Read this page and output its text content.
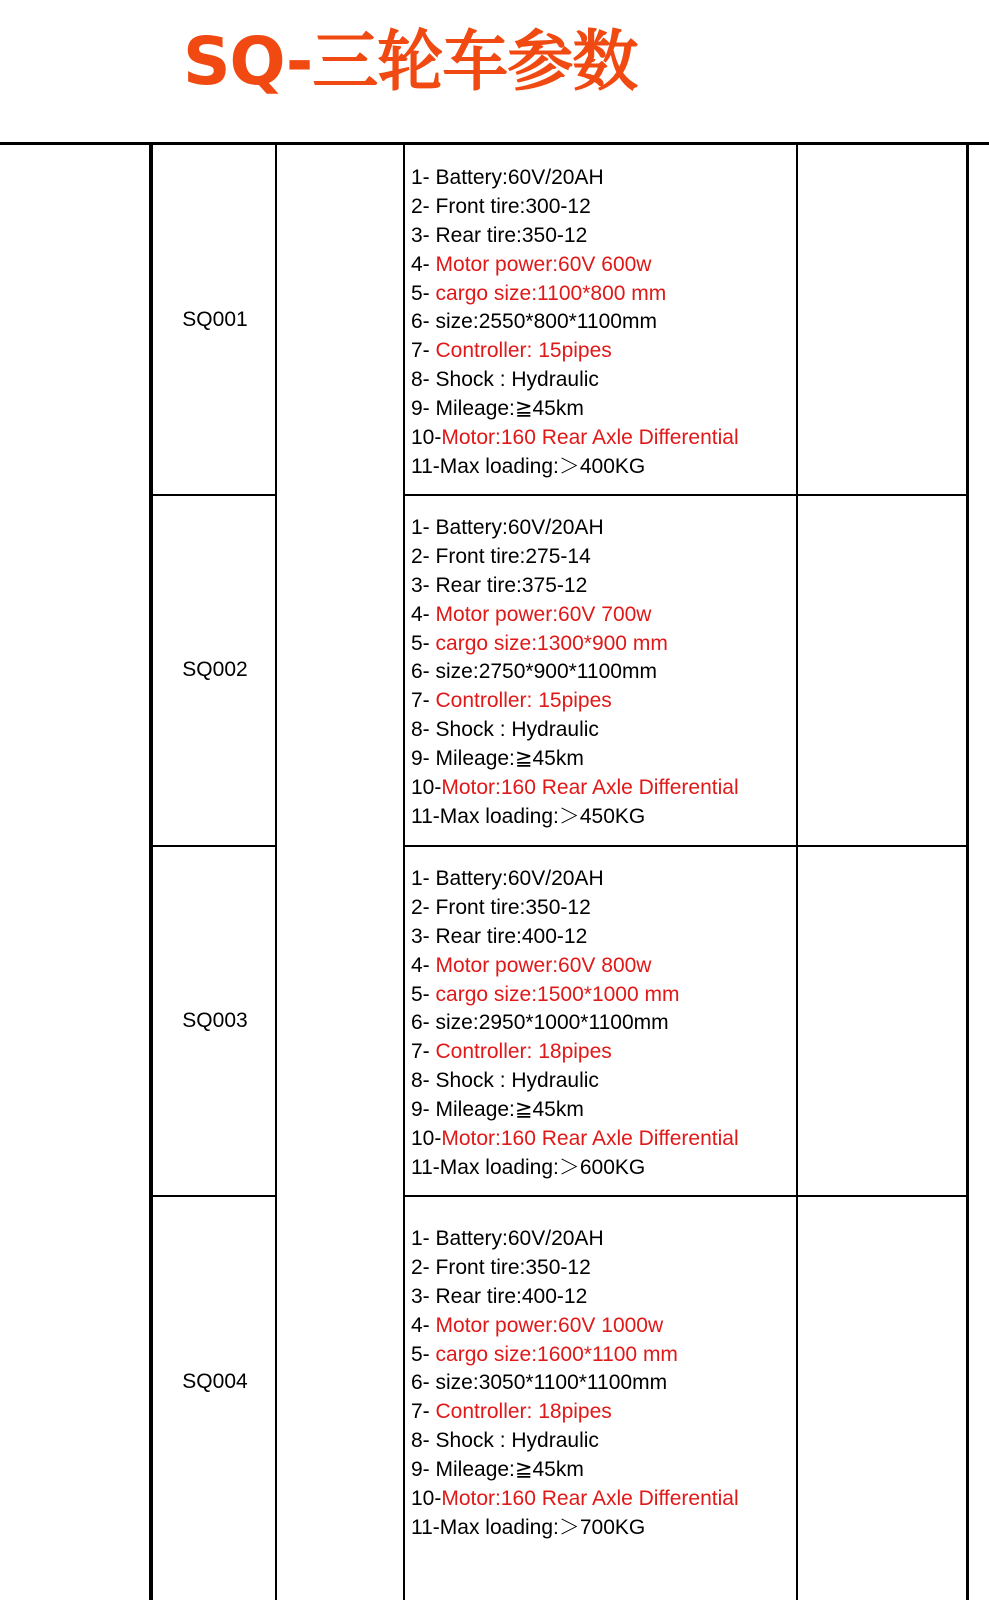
SQ-三轮车参数
SQ001
1- Battery:60V/20AH
2- Front tire:300-12
3- Rear tire:350-12
4- Motor power:60V 600w
5- cargo size:1100*800 mm
6- size:2550*800*1100mm
7- Controller: 15pipes
8- Shock : Hydraulic
9- Mileage:≧45km
10-Motor:160 Rear Axle Differential
11-Max loading:＞400KG
SQ002
1- Battery:60V/20AH
2- Front tire:275-14
3- Rear tire:375-12
4- Motor power:60V 700w
5- cargo size:1300*900 mm
6- size:2750*900*1100mm
7- Controller: 15pipes
8- Shock : Hydraulic
9- Mileage:≧45km
10-Motor:160 Rear Axle Differential
11-Max loading:＞450KG
SQ003
1- Battery:60V/20AH
2- Front tire:350-12
3- Rear tire:400-12
4- Motor power:60V 800w
5- cargo size:1500*1000 mm
6- size:2950*1000*1100mm
7- Controller: 18pipes
8- Shock : Hydraulic
9- Mileage:≧45km
10-Motor:160 Rear Axle Differential
11-Max loading:＞600KG
SQ004
1- Battery:60V/20AH
2- Front tire:350-12
3- Rear tire:400-12
4- Motor power:60V 1000w
5- cargo size:1600*1100 mm
6- size:3050*1100*1100mm
7- Controller: 18pipes
8- Shock : Hydraulic
9- Mileage:≧45km
10-Motor:160 Rear Axle Differential
11-Max loading:＞700KG
